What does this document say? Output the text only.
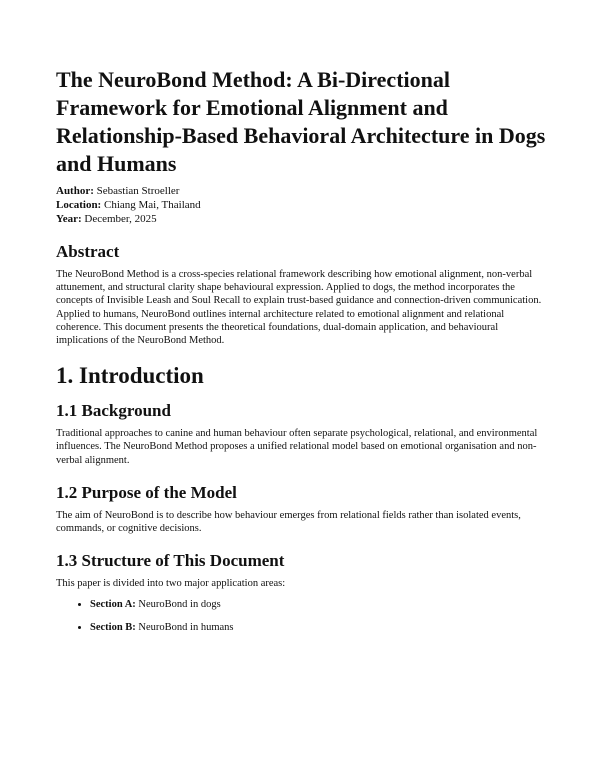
The NeuroBond Method: A Bi-Directional Framework for Emotional Alignment and Relationship-Based Behavioral Architecture in Dogs and Humans

Author: Sebastian Stroeller

Location: Chiang Mai, Thailand

Year: December, 2025

Abstract

The NeuroBond Method is a cross-species relational framework describing how emotional alignment, non-verbal attunement, and structural clarity shape behavioural expression. Applied to dogs, the method incorporates the concepts of Invisible Leash and Soul Recall to explain trust-based guidance and connection-driven communication. Applied to humans, NeuroBond outlines internal architecture related to emotional alignment and relational coherence. This document presents the theoretical foundations, dual-domain application, and behavioural implications of the NeuroBond Method.

1. Introduction
1.1 Background

Traditional approaches to canine and human behaviour often separate psychological, relational, and environmental influences. The NeuroBond Method proposes a unified relational model based on emotional organisation and non-verbal alignment.

1.2 Purpose of the Model

The aim of NeuroBond is to describe how behaviour emerges from relational fields rather than isolated events, commands, or cognitive decisions.

1.3 Structure of This Document

This paper is divided into two major application areas:

• Section A: NeuroBond in dogs
• Section B: NeuroBond in humans
